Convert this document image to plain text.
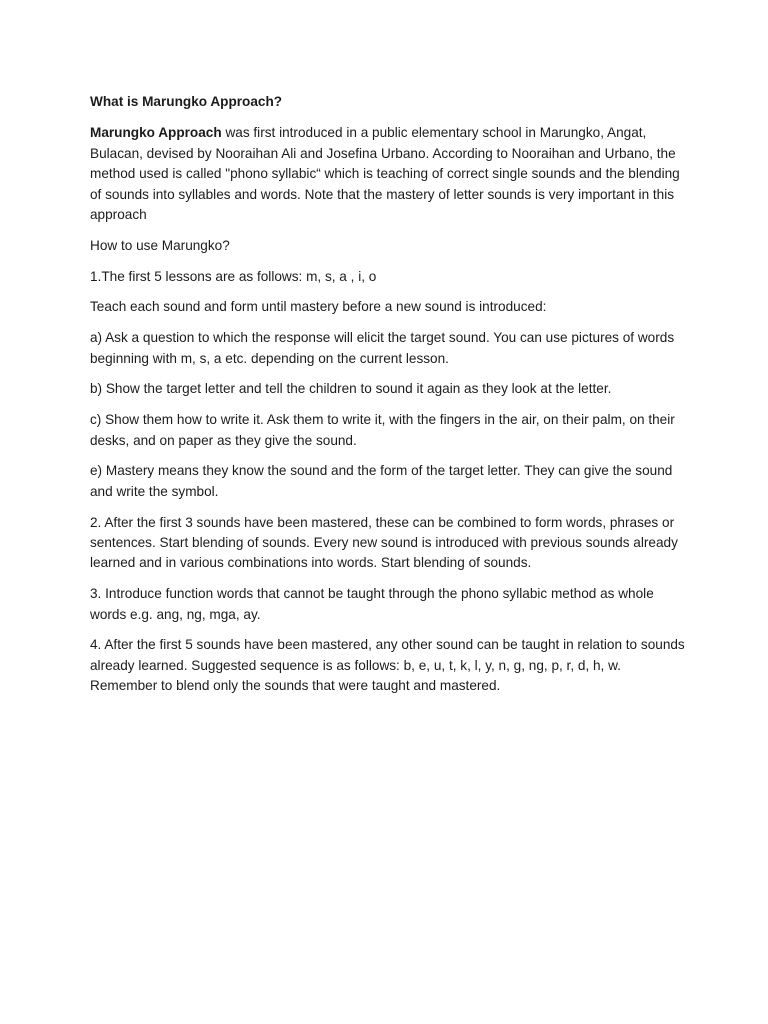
What is Marungko Approach?

Marungko Approach was first introduced in a public elementary school in Marungko, Angat, Bulacan, devised by Nooraihan Ali and Josefina Urbano. According to Nooraihan and Urbano, the method used is called "phono syllabic“ which is teaching of correct single sounds and the blending of sounds into syllables and words. Note that the mastery of letter sounds is very important in this approach

How to use Marungko?

1.The first 5 lessons are as follows: m, s, a , i, o

Teach each sound and form until mastery before a new sound is introduced:

a) Ask a question to which the response will elicit the target sound. You can use pictures of words beginning with m, s, a etc. depending on the current lesson.

b) Show the target letter and tell the children to sound it again as they look at the letter.

c) Show them how to write it. Ask them to write it, with the fingers in the air, on their palm, on their desks, and on paper as they give the sound.

e) Mastery means they know the sound and the form of the target letter. They can give the sound and write the symbol.

2. After the first 3 sounds have been mastered, these can be combined to form words, phrases or sentences. Start blending of sounds. Every new sound is introduced with previous sounds already learned and in various combinations into words. Start blending of sounds.

3. Introduce function words that cannot be taught through the phono syllabic method as whole words e.g. ang, ng, mga, ay.

4. After the first 5 sounds have been mastered, any other sound can be taught in relation to sounds already learned. Suggested sequence is as follows: b, e, u, t, k, l, y, n, g, ng, p, r, d, h, w. Remember to blend only the sounds that were taught and mastered.
